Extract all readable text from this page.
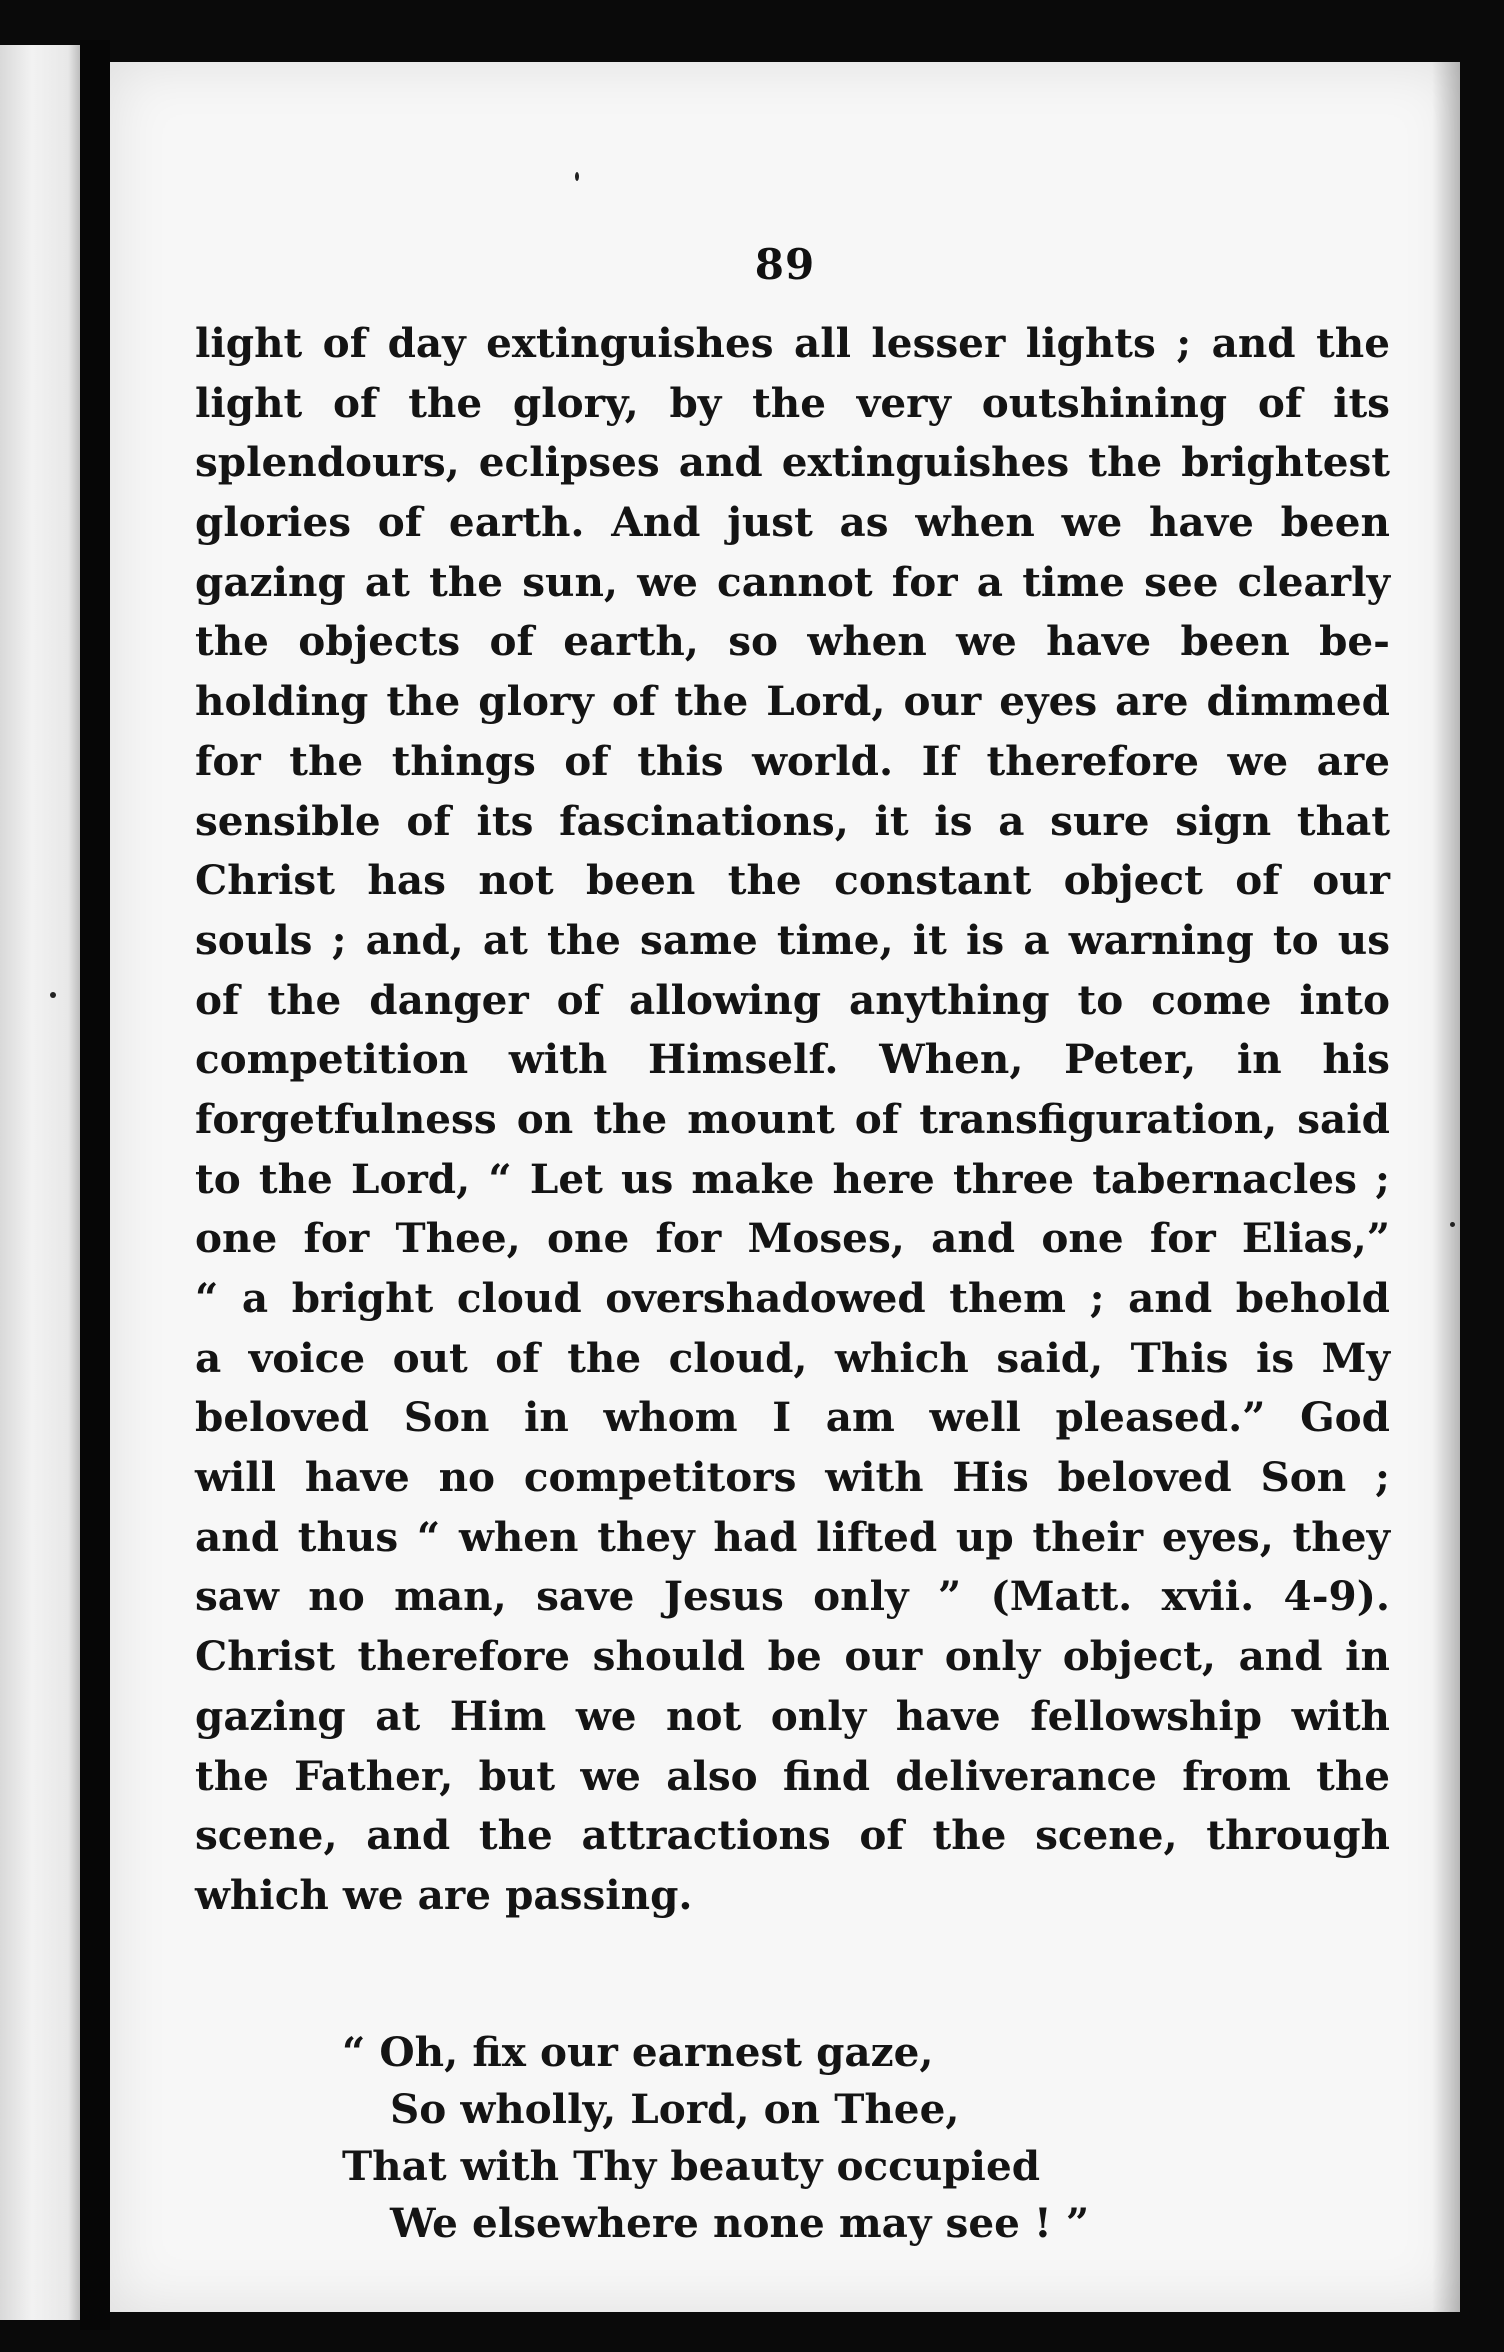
89
light of day extinguishes all lesser lights ; and the
light of the glory, by the very outshining of its
splendours, eclipses and extinguishes the brightest
glories of earth. And just as when we have been
gazing at the sun, we cannot for a time see clearly
the objects of earth, so when we have been be-
holding the glory of the Lord, our eyes are dimmed
for the things of this world. If therefore we are
sensible of its fascinations, it is a sure sign that
Christ has not been the constant object of our
souls ; and, at the same time, it is a warning to us
of the danger of allowing anything to come into
competition with Himself. When, Peter, in his
forgetfulness on the mount of transfiguration, said
to the Lord, “ Let us make here three tabernacles ;
one for Thee, one for Moses, and one for Elias,”
“ a bright cloud overshadowed them ; and behold
a voice out of the cloud, which said, This is My
beloved Son in whom I am well pleased.” God
will have no competitors with His beloved Son ;
and thus “ when they had lifted up their eyes, they
saw no man, save Jesus only ” (Matt. xvii. 4-9).
Christ therefore should be our only object, and in
gazing at Him we not only have fellowship with
the Father, but we also find deliverance from the
scene, and the attractions of the scene, through
which we are passing.
“ Oh, fix our earnest gaze,
So wholly, Lord, on Thee,
That with Thy beauty occupied
We elsewhere none may see ! ”
